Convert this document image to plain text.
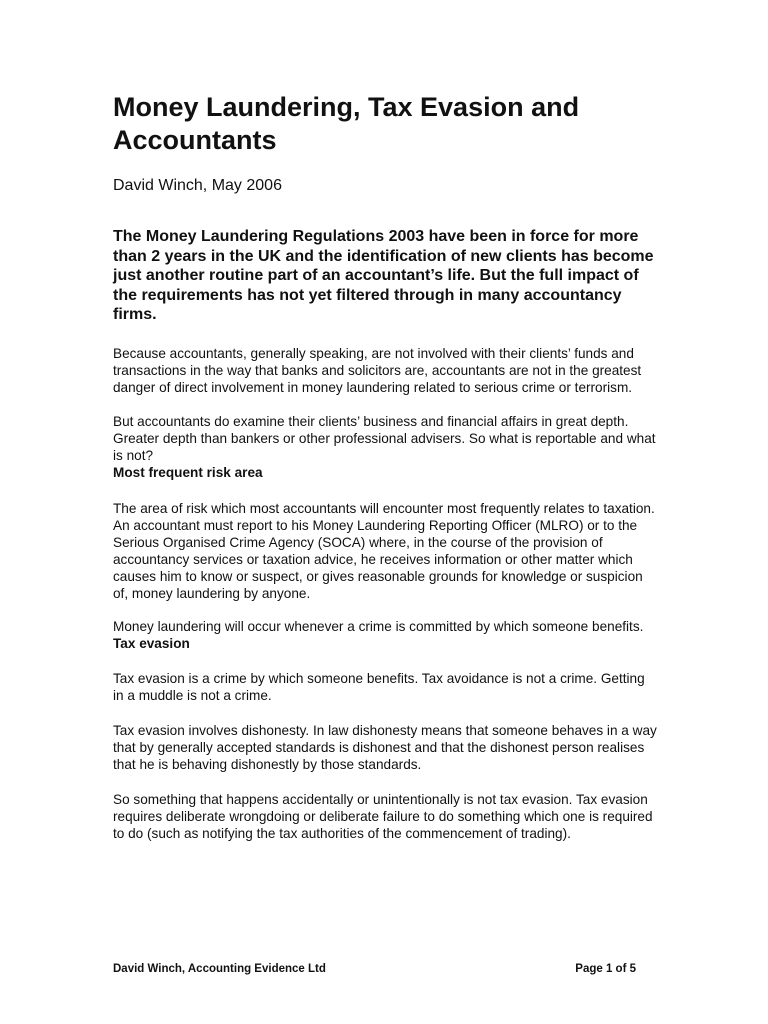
Money Laundering, Tax Evasion and
Accountants

David Winch, May 2006

The Money Laundering Regulations 2003 have been in force for more than 2 years in the UK and the identification of new clients has become just another routine part of an accountant’s life. But the full impact of the requirements has not yet filtered through in many accountancy firms.

Because accountants, generally speaking, are not involved with their clients’ funds and transactions in the way that banks and solicitors are, accountants are not in the greatest danger of direct involvement in money laundering related to serious crime or terrorism.

But accountants do examine their clients’ business and financial affairs in great depth. Greater depth than bankers or other professional advisers. So what is reportable and what is not?

Most frequent risk area

The area of risk which most accountants will encounter most frequently relates to taxation. An accountant must report to his Money Laundering Reporting Officer (MLRO) or to the Serious Organised Crime Agency (SOCA) where, in the course of the provision of accountancy services or taxation advice, he receives information or other matter which causes him to know or suspect, or gives reasonable grounds for knowledge or suspicion of, money laundering by anyone.

Money laundering will occur whenever a crime is committed by which someone benefits.

Tax evasion

Tax evasion is a crime by which someone benefits. Tax avoidance is not a crime. Getting in a muddle is not a crime.

Tax evasion involves dishonesty. In law dishonesty means that someone behaves in a way that by generally accepted standards is dishonest and that the dishonest person realises that he is behaving dishonestly by those standards.

So something that happens accidentally or unintentionally is not tax evasion. Tax evasion requires deliberate wrongdoing or deliberate failure to do something which one is required to do (such as notifying the tax authorities of the commencement of trading).

David Winch, Accounting Evidence Ltd	Page 1 of 5
